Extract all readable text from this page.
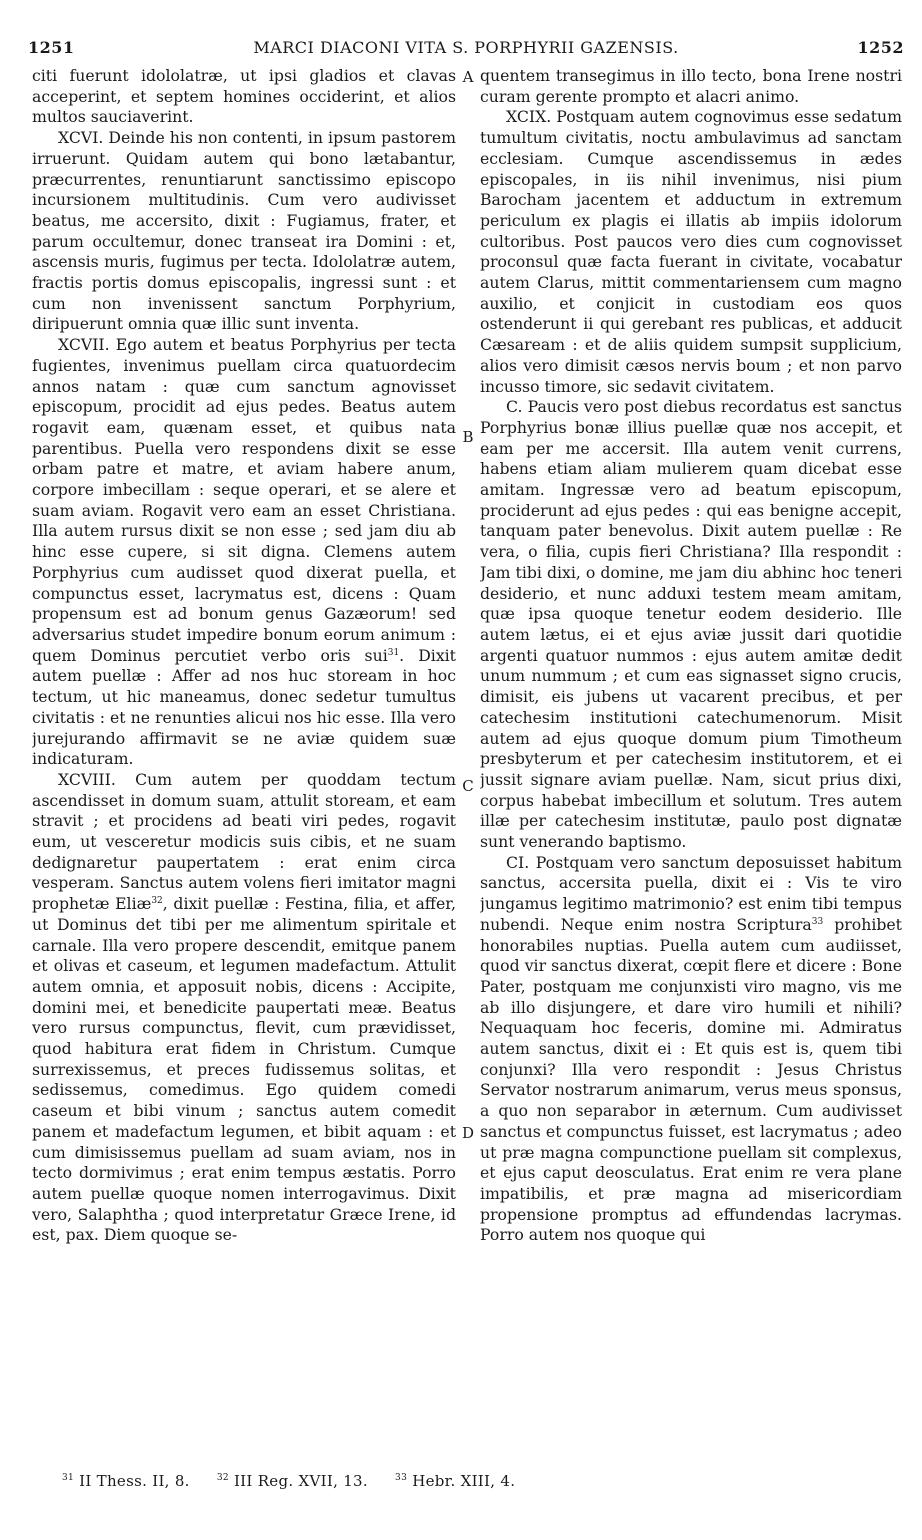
1251	MARCI DIACONI VITA S. PORPHYRII GAZENSIS.	1252

citi fuerunt idololatræ, ut ipsi gladios et clavas acceperint, et septem homines occiderint, et alios multos sauciaverint.

XCVI. Deinde his non contenti, in ipsum pastorem irruerunt. Quidam autem qui bono lætabantur, præcurrentes, renuntiarunt sanctissimo episcopo incursionem multitudinis. Cum vero audivisset beatus, me accersito, dixit : Fugiamus, frater, et parum occultemur, donec transeat ira Domini : et, ascensis muris, fugimus per tecta. Idololatræ autem, fractis portis domus episcopalis, ingressi sunt : et cum non invenissent sanctum Porphyrium, diripuerunt omnia quæ illic sunt inventa.

XCVII. Ego autem et beatus Porphyrius per tecta fugientes, invenimus puellam circa quatuordecim annos natam : quæ cum sanctum agnovisset episcopum, procidit ad ejus pedes. Beatus autem rogavit eam, quænam esset, et quibus nata parentibus. Puella vero respondens dixit se esse orbam patre et matre, et aviam habere anum, corpore imbecillam : seque operari, et se alere et suam aviam. Rogavit vero eam an esset Christiana. Illa autem rursus dixit se non esse ; sed jam diu ab hinc esse cupere, si sit digna. Clemens autem Porphyrius cum audisset quod dixerat puella, et compunctus esset, lacrymatus est, dicens : Quam propensum est ad bonum genus Gazæorum! sed adversarius studet impedire bonum eorum animum : quem Dominus percutiet verbo oris sui$^{31}$. Dixit autem puellæ : Affer ad nos huc stoream in hoc tectum, ut hic maneamus, donec sedetur tumultus civitatis : et ne renunties alicui nos hic esse. Illa vero jurejurando affirmavit se ne aviæ quidem suæ indicaturam.

XCVIII. Cum autem per quoddam tectum ascendisset in domum suam, attulit stoream, et eam stravit ; et procidens ad beati viri pedes, rogavit eum, ut vesceretur modicis suis cibis, et ne suam dedignaretur paupertatem : erat enim circa vesperam. Sanctus autem volens fieri imitator magni prophetæ Eliæ$^{32}$, dixit puellæ : Festina, filia, et affer, ut Dominus det tibi per me alimentum spiritale et carnale. Illa vero propere descendit, emitque panem et olivas et caseum, et legumen madefactum. Attulit autem omnia, et apposuit nobis, dicens : Accipite, domini mei, et benedicite paupertati meæ. Beatus vero rursus compunctus, flevit, cum prævidisset, quod habitura erat fidem in Christum. Cumque surrexissemus, et preces fudissemus solitas, et sedissemus, comedimus. Ego quidem comedi caseum et bibi vinum ; sanctus autem comedit panem et madefactum legumen, et bibit aquam : et cum dimisissemus puellam ad suam aviam, nos in tecto dormivimus ; erat enim tempus æstatis. Porro autem puellæ quoque nomen interrogavimus. Dixit vero, Salaphtha ; quod interpretatur Græce Irene, id est, pax. Diem quoque se-

A
B
C
D

quentem transegimus in illo tecto, bona Irene nostri curam gerente prompto et alacri animo.

XCIX. Postquam autem cognovimus esse sedatum tumultum civitatis, noctu ambulavimus ad sanctam ecclesiam. Cumque ascendissemus in ædes episcopales, in iis nihil invenimus, nisi pium Barocham jacentem et adductum in extremum periculum ex plagis ei illatis ab impiis idolorum cultoribus. Post paucos vero dies cum cognovisset proconsul quæ facta fuerant in civitate, vocabatur autem Clarus, mittit commentariensem cum magno auxilio, et conjicit in custodiam eos quos ostenderunt ii qui gerebant res publicas, et adducit Cæsaream : et de aliis quidem sumpsit supplicium, alios vero dimisit cæsos nervis boum ; et non parvo incusso timore, sic sedavit civitatem.

C. Paucis vero post diebus recordatus est sanctus Porphyrius bonæ illius puellæ quæ nos accepit, et eam per me accersit. Illa autem venit currens, habens etiam aliam mulierem quam dicebat esse amitam. Ingressæ vero ad beatum episcopum, prociderunt ad ejus pedes : qui eas benigne accepit, tanquam pater benevolus. Dixit autem puellæ : Re vera, o filia, cupis fieri Christiana? Illa respondit : Jam tibi dixi, o domine, me jam diu abhinc hoc teneri desiderio, et nunc adduxi testem meam amitam, quæ ipsa quoque tenetur eodem desiderio. Ille autem lætus, ei et ejus aviæ jussit dari quotidie argenti quatuor nummos : ejus autem amitæ dedit unum nummum ; et cum eas signasset signo crucis, dimisit, eis jubens ut vacarent precibus, et per catechesim institutioni catechumenorum. Misit autem ad ejus quoque domum pium Timotheum presbyterum et per catechesim institutorem, et ei jussit signare aviam puellæ. Nam, sicut prius dixi, corpus habebat imbecillum et solutum. Tres autem illæ per catechesim institutæ, paulo post dignatæ sunt venerando baptismo.

CI. Postquam vero sanctum deposuisset habitum sanctus, accersita puella, dixit ei : Vis te viro jungamus legitimo matrimonio? est enim tibi tempus nubendi. Neque enim nostra Scriptura$^{33}$ prohibet honorabiles nuptias. Puella autem cum audiisset, quod vir sanctus dixerat, cœpit flere et dicere : Bone Pater, postquam me conjunxisti viro magno, vis me ab illo disjungere, et dare viro humili et nihili? Nequaquam hoc feceris, domine mi. Admiratus autem sanctus, dixit ei : Et quis est is, quem tibi conjunxi? Illa vero respondit : Jesus Christus Servator nostrarum animarum, verus meus sponsus, a quo non separabor in æternum. Cum audivisset sanctus et compunctus fuisset, est lacrymatus ; adeo ut præ magna compunctione puellam sit complexus, et ejus caput deosculatus. Erat enim re vera plane impatibilis, et præ magna ad misericordiam propensione promptus ad effundendas lacrymas. Porro autem nos quoque qui

$^{31}$ II Thess. II, 8.	$^{32}$ III Reg. XVII, 13.	$^{33}$ Hebr. XIII, 4.
